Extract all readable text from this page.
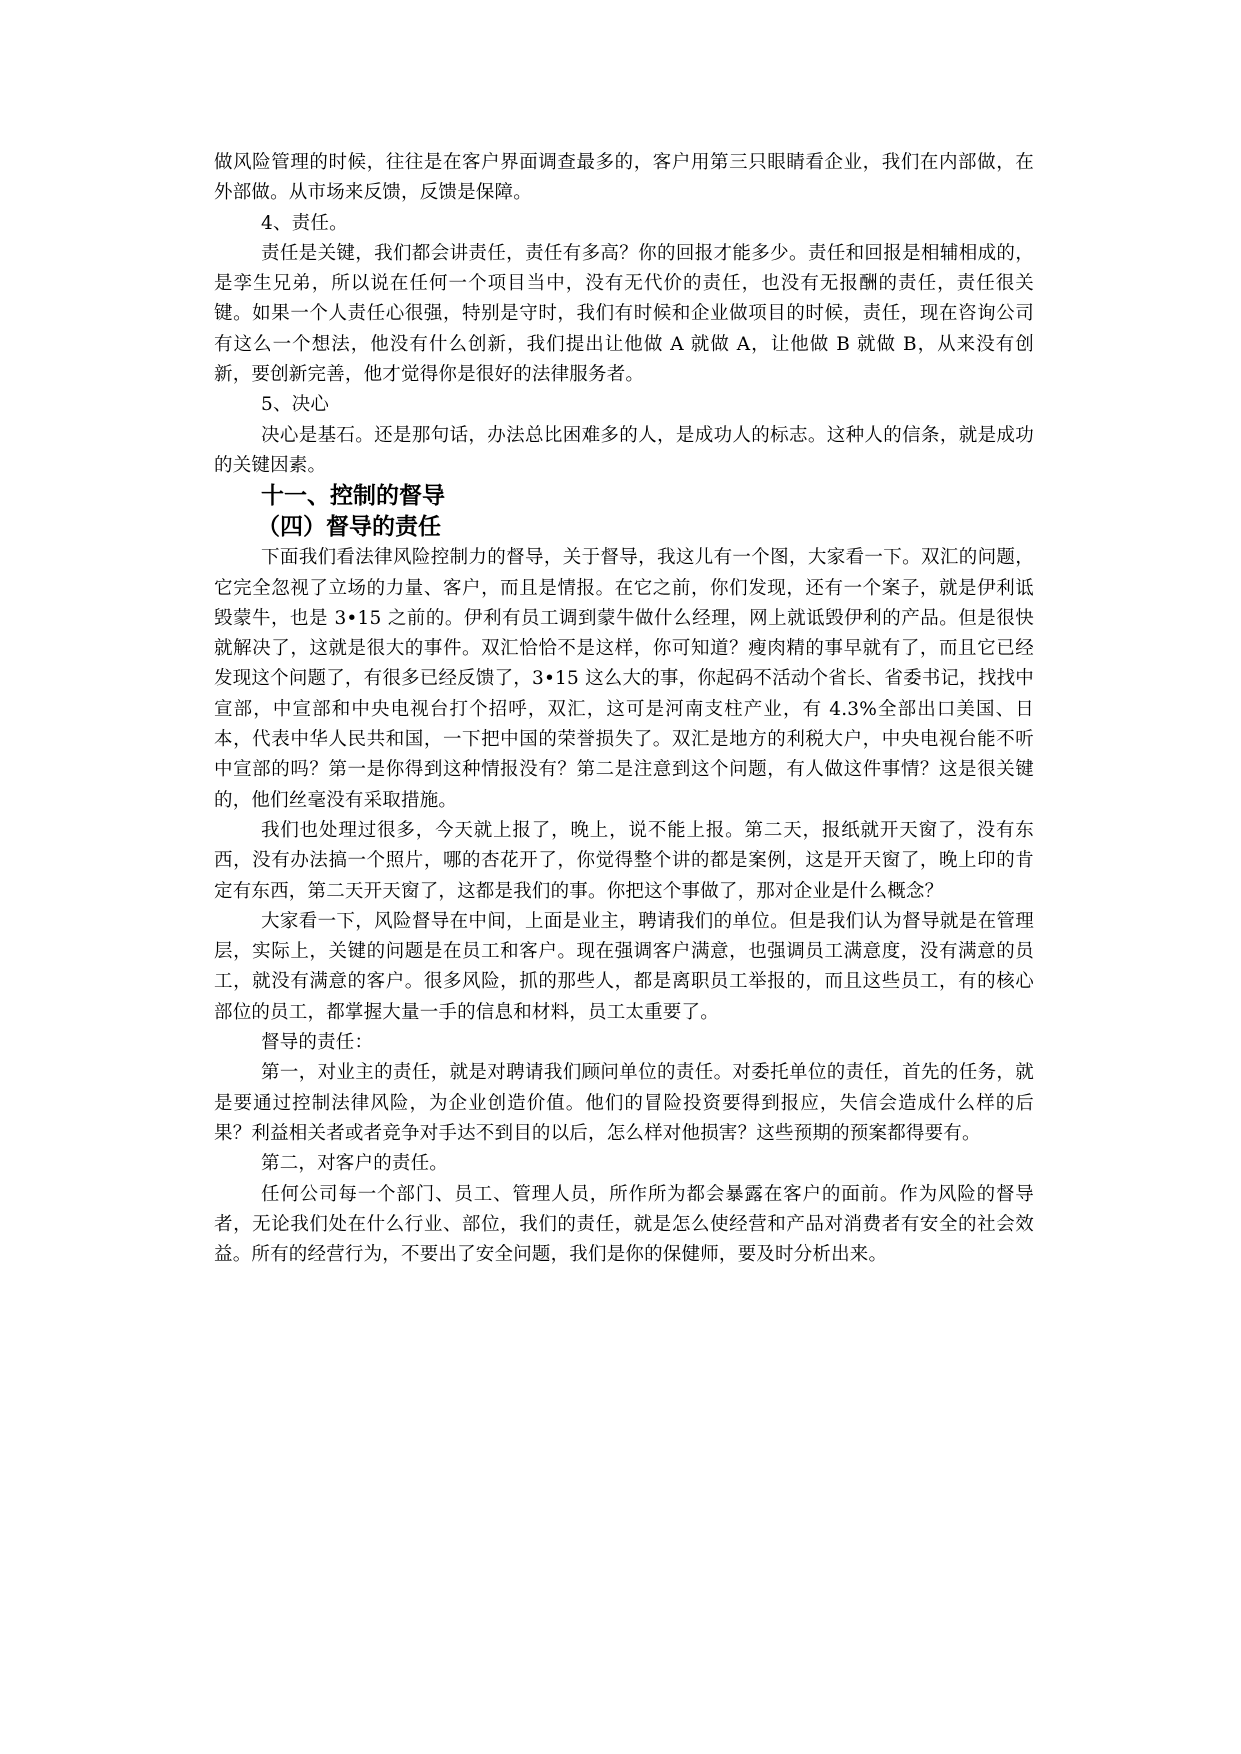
做风险管理的时候，往往是在客户界面调查最多的，客户用第三只眼睛看企业，我们在内部做，在外部做。从市场来反馈，反馈是保障。

4、责任。

责任是关键，我们都会讲责任，责任有多高？你的回报才能多少。责任和回报是相辅相成的，是孪生兄弟，所以说在任何一个项目当中，没有无代价的责任，也没有无报酬的责任，责任很关键。如果一个人责任心很强，特别是守时，我们有时候和企业做项目的时候，责任，现在咨询公司有这么一个想法，他没有什么创新，我们提出让他做 A 就做 A，让他做 B 就做 B，从来没有创新，要创新完善，他才觉得你是很好的法律服务者。

5、决心

决心是基石。还是那句话，办法总比困难多的人，是成功人的标志。这种人的信条，就是成功的关键因素。

十一、控制的督导
（四）督导的责任

下面我们看法律风险控制力的督导，关于督导，我这儿有一个图，大家看一下。双汇的问题，它完全忽视了立场的力量、客户，而且是情报。在它之前，你们发现，还有一个案子，就是伊利诋毁蒙牛，也是 3•15 之前的。伊利有员工调到蒙牛做什么经理，网上就诋毁伊利的产品。但是很快就解决了，这就是很大的事件。双汇恰恰不是这样，你可知道？瘦肉精的事早就有了，而且它已经发现这个问题了，有很多已经反馈了，3•15 这么大的事，你起码不活动个省长、省委书记，找找中宣部，中宣部和中央电视台打个招呼，双汇，这可是河南支柱产业，有 4.3%全部出口美国、日本，代表中华人民共和国，一下把中国的荣誉损失了。双汇是地方的利税大户，中央电视台能不听中宣部的吗？第一是你得到这种情报没有？第二是注意到这个问题，有人做这件事情？这是很关键的，他们丝毫没有采取措施。

我们也处理过很多，今天就上报了，晚上，说不能上报。第二天，报纸就开天窗了，没有东西，没有办法搞一个照片，哪的杏花开了，你觉得整个讲的都是案例，这是开天窗了，晚上印的肯定有东西，第二天开天窗了，这都是我们的事。你把这个事做了，那对企业是什么概念？

大家看一下，风险督导在中间，上面是业主，聘请我们的单位。但是我们认为督导就是在管理层，实际上，关键的问题是在员工和客户。现在强调客户满意，也强调员工满意度，没有满意的员工，就没有满意的客户。很多风险，抓的那些人，都是离职员工举报的，而且这些员工，有的核心部位的员工，都掌握大量一手的信息和材料，员工太重要了。

督导的责任：

第一，对业主的责任，就是对聘请我们顾问单位的责任。对委托单位的责任，首先的任务，就是要通过控制法律风险，为企业创造价值。他们的冒险投资要得到报应，失信会造成什么样的后果？利益相关者或者竞争对手达不到目的以后，怎么样对他损害？这些预期的预案都得要有。

第二，对客户的责任。

任何公司每一个部门、员工、管理人员，所作所为都会暴露在客户的面前。作为风险的督导者，无论我们处在什么行业、部位，我们的责任，就是怎么使经营和产品对消费者有安全的社会效益。所有的经营行为，不要出了安全问题，我们是你的保健师，要及时分析出来。
